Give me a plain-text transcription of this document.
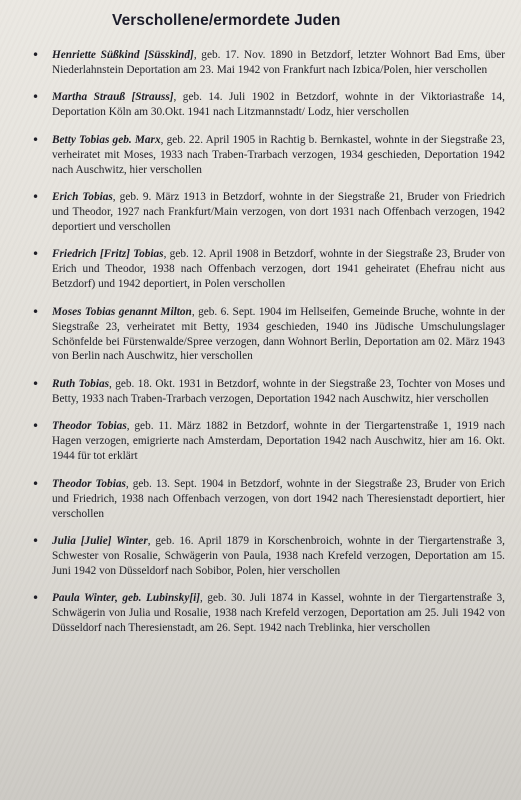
Verschollene/ermordete Juden
• Henriette Süßkind [Süsskind], geb. 17. Nov. 1890 in Betzdorf, letzter Wohnort Bad Ems, über Niederlahnstein Deportation am 23. Mai 1942 von Frankfurt nach Izbica/Polen, hier verschollen
• Martha Strauß [Strauss], geb. 14. Juli 1902 in Betzdorf, wohnte in der Viktoriastraße 14, Deportation Köln am 30.Okt. 1941 nach Litzmannstadt/ Lodz, hier verschollen
• Betty Tobias geb. Marx, geb. 22. April 1905 in Rachtig b. Bernkastel, wohnte in der Siegstraße 23, verheiratet mit Moses, 1933 nach Traben-Trarbach verzogen, 1934 geschieden, Deportation 1942 nach Auschwitz, hier verschollen
• Erich Tobias, geb. 9. März 1913 in Betzdorf, wohnte in der Siegstraße 21, Bruder von Friedrich und Theodor, 1927 nach Frankfurt/Main verzogen, von dort 1931 nach Offenbach verzogen, 1942 deportiert und verschollen
• Friedrich [Fritz] Tobias, geb. 12. April 1908 in Betzdorf, wohnte in der Siegstraße 23, Bruder von Erich und Theodor, 1938 nach Offenbach verzogen, dort 1941 geheiratet (Ehefrau nicht aus Betzdorf) und 1942 deportiert, in Polen verschollen
• Moses Tobias genannt Milton, geb. 6. Sept. 1904 im Hellseifen, Gemeinde Bruche, wohnte in der Siegstraße 23, verheiratet mit Betty, 1934 geschieden, 1940 ins Jüdische Umschulungslager Schönfelde bei Fürstenwalde/Spree verzogen, dann Wohnort Berlin, Deportation am 02. März 1943 von Berlin nach Auschwitz, hier verschollen
• Ruth Tobias, geb. 18. Okt. 1931 in Betzdorf, wohnte in der Siegstraße 23, Tochter von Moses und Betty, 1933 nach Traben-Trarbach verzogen, Deportation 1942 nach Auschwitz, hier verschollen
• Theodor Tobias, geb. 11. März 1882 in Betzdorf, wohnte in der Tiergartenstraße 1, 1919 nach Hagen verzogen, emigrierte nach Amsterdam, Deportation 1942 nach Auschwitz, hier am 16. Okt. 1944 für tot erklärt
• Theodor Tobias, geb. 13. Sept. 1904 in Betzdorf, wohnte in der Siegstraße 23, Bruder von Erich und Friedrich, 1938 nach Offenbach verzogen, von dort 1942 nach Theresienstadt deportiert, hier verschollen
• Julia [Julie] Winter, geb. 16. April 1879 in Korschenbroich, wohnte in der Tiergartenstraße 3, Schwester von Rosalie, Schwägerin von Paula, 1938 nach Krefeld verzogen, Deportation am 15. Juni 1942 von Düsseldorf nach Sobibor, Polen, hier verschollen
• Paula Winter, geb. Lubinsky[i], geb. 30. Juli 1874 in Kassel, wohnte in der Tiergartenstraße 3, Schwägerin von Julia und Rosalie, 1938 nach Krefeld verzogen, Deportation am 25. Juli 1942 von Düsseldorf nach Theresienstadt, am 26. Sept. 1942 nach Treblinka, hier verschollen
